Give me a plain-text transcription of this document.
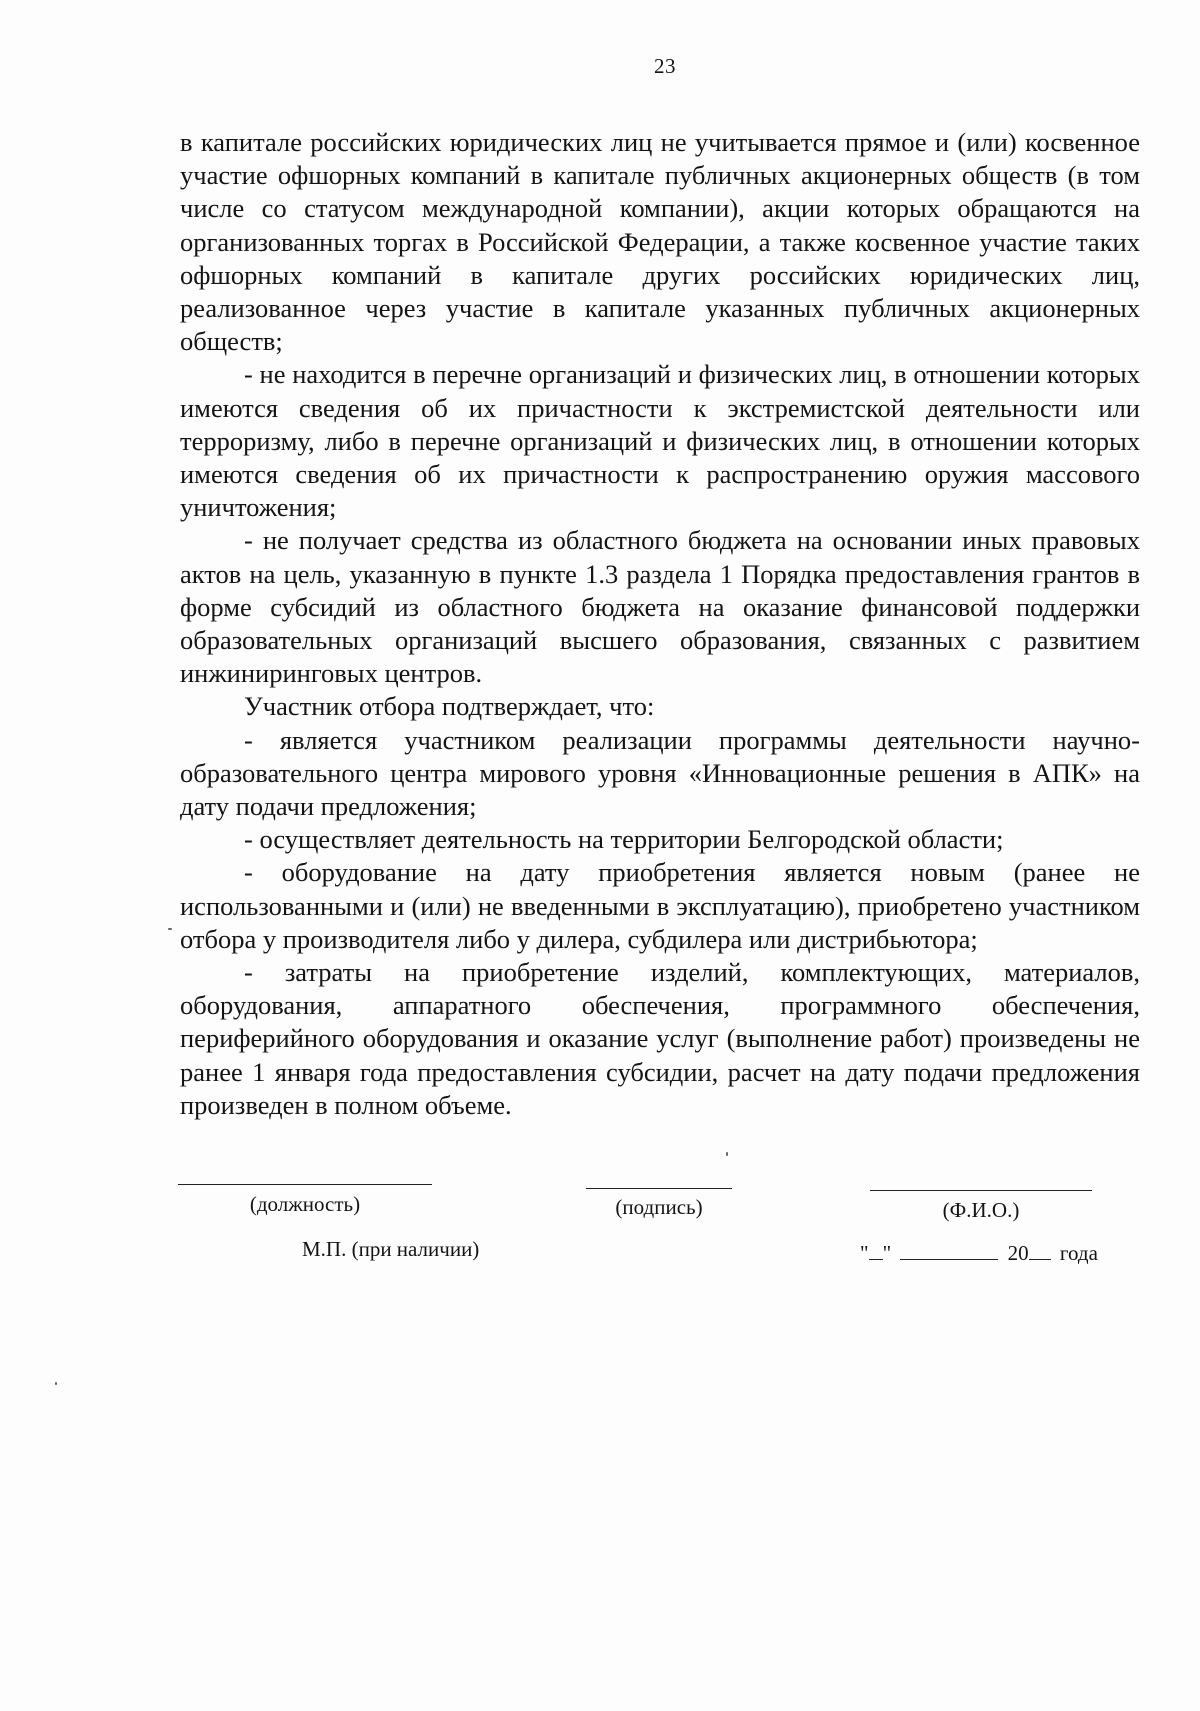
23

в капитале российских юридических лиц не учитывается прямое и (или) косвенное участие офшорных компаний в капитале публичных акционерных обществ (в том числе со статусом международной компании), акции которых обращаются на организованных торгах в Российской Федерации, а также косвенное участие таких офшорных компаний в капитале других российских юридических лиц, реализованное через участие в капитале указанных публичных акционерных обществ;

- не находится в перечне организаций и физических лиц, в отношении которых имеются сведения об их причастности к экстремистской деятельности или терроризму, либо в перечне организаций и физических лиц, в отношении которых имеются сведения об их причастности к распространению оружия массового уничтожения;

- не получает средства из областного бюджета на основании иных правовых актов на цель, указанную в пункте 1.3 раздела 1 Порядка предоставления грантов в форме субсидий из областного бюджета на оказание финансовой поддержки образовательных организаций высшего образования, связанных с развитием инжиниринговых центров.

Участник отбора подтверждает, что:

- является участником реализации программы деятельности научно-образовательного центра мирового уровня «Инновационные решения в АПК» на дату подачи предложения;

- осуществляет деятельность на территории Белгородской области;

- оборудование на дату приобретения является новым (ранее не использованными и (или) не введенными в эксплуатацию), приобретено участником отбора у производителя либо у дилера, субдилера или дистрибьютора;

- затраты на приобретение изделий, комплектующих, материалов, оборудования, аппаратного обеспечения, программного обеспечения, периферийного оборудования и оказание услуг (выполнение работ) произведены не ранее 1 января года предоставления субсидии, расчет на дату подачи предложения произведен в полном объеме.

(должность)	(подпись)	(Ф.И.О.)
М.П. (при наличии)	" "	20 года
